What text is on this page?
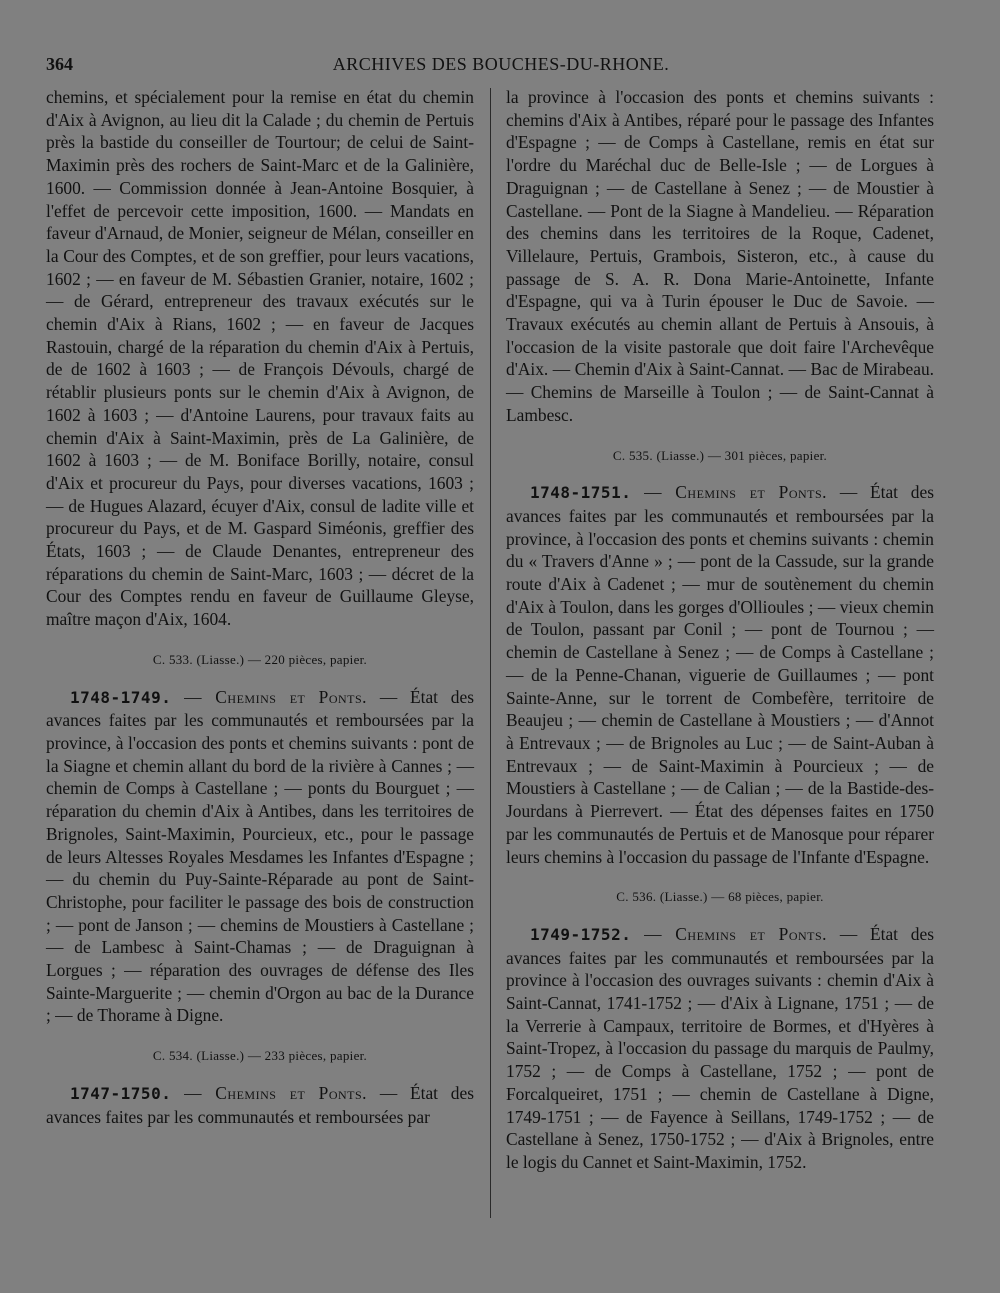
364	ARCHIVES DES BOUCHES-DU-RHONE.

chemins, et spécialement pour la remise en état du chemin d'Aix à Avignon, au lieu dit la Calade ; du chemin de Pertuis près la bastide du conseiller de Tourtour; de celui de Saint-Maximin près des rochers de Saint-Marc et de la Galinière, 1600. — Commission donnée à Jean-Antoine Bosquier, à l'effet de percevoir cette imposition, 1600. — Mandats en faveur d'Arnaud, de Monier, seigneur de Mélan, conseiller en la Cour des Comptes, et de son greffier, pour leurs vacations, 1602 ; — en faveur de M. Sébastien Granier, notaire, 1602 ; — de Gérard, entrepreneur des travaux exécutés sur le chemin d'Aix à Rians, 1602 ; — en faveur de Jacques Rastouin, chargé de la réparation du chemin d'Aix à Pertuis, de de 1602 à 1603 ; — de François Dévouls, chargé de rétablir plusieurs ponts sur le chemin d'Aix à Avignon, de 1602 à 1603 ; — d'Antoine Laurens, pour travaux faits au chemin d'Aix à Saint-Maximin, près de La Galinière, de 1602 à 1603 ; — de M. Boniface Borilly, notaire, consul d'Aix et procureur du Pays, pour diverses vacations, 1603 ; — de Hugues Alazard, écuyer d'Aix, consul de ladite ville et procureur du Pays, et de M. Gaspard Siméonis, greffier des États, 1603 ; — de Claude Denantes, entrepreneur des réparations du chemin de Saint-Marc, 1603 ; — décret de la Cour des Comptes rendu en faveur de Guillaume Gleyse, maître maçon d'Aix, 1604.

C. 533. (Liasse.) — 220 pièces, papier.

1748-1749. — Chemins et Ponts. — État des avances faites par les communautés et remboursées par la province, à l'occasion des ponts et chemins suivants : pont de la Siagne et chemin allant du bord de la rivière à Cannes ; — chemin de Comps à Castellane ; — ponts du Bourguet ; — réparation du chemin d'Aix à Antibes, dans les territoires de Brignoles, Saint-Maximin, Pourcieux, etc., pour le passage de leurs Altesses Royales Mesdames les Infantes d'Espagne ; — du chemin du Puy-Sainte-Réparade au pont de Saint-Christophe, pour faciliter le passage des bois de construction ; — pont de Janson ; — chemins de Moustiers à Castellane ; — de Lambesc à Saint-Chamas ; — de Draguignan à Lorgues ; — réparation des ouvrages de défense des Iles Sainte-Marguerite ; — chemin d'Orgon au bac de la Durance ; — de Thorame à Digne.

C. 534. (Liasse.) — 233 pièces, papier.

1747-1750. — Chemins et Ponts. — État des avances faites par les communautés et remboursées par

la province à l'occasion des ponts et chemins suivants : chemins d'Aix à Antibes, réparé pour le passage des Infantes d'Espagne ; — de Comps à Castellane, remis en état sur l'ordre du Maréchal duc de Belle-Isle ; — de Lorgues à Draguignan ; — de Castellane à Senez ; — de Moustier à Castellane. — Pont de la Siagne à Mandelieu. — Réparation des chemins dans les territoires de la Roque, Cadenet, Villelaure, Pertuis, Grambois, Sisteron, etc., à cause du passage de S. A. R. Dona Marie-Antoinette, Infante d'Espagne, qui va à Turin épouser le Duc de Savoie. — Travaux exécutés au chemin allant de Pertuis à Ansouis, à l'occasion de la visite pastorale que doit faire l'Archevêque d'Aix. — Chemin d'Aix à Saint-Cannat. — Bac de Mirabeau. — Chemins de Marseille à Toulon ; — de Saint-Cannat à Lambesc.

C. 535. (Liasse.) — 301 pièces, papier.

1748-1751. — Chemins et Ponts. — État des avances faites par les communautés et remboursées par la province, à l'occasion des ponts et chemins suivants : chemin du « Travers d'Anne » ; — pont de la Cassude, sur la grande route d'Aix à Cadenet ; — mur de soutènement du chemin d'Aix à Toulon, dans les gorges d'Ollioules ; — vieux chemin de Toulon, passant par Conil ; — pont de Tournou ; — chemin de Castellane à Senez ; — de Comps à Castellane ; — de la Penne-Chanan, viguerie de Guillaumes ; — pont Sainte-Anne, sur le torrent de Combefère, territoire de Beaujeu ; — chemin de Castellane à Moustiers ; — d'Annot à Entrevaux ; — de Brignoles au Luc ; — de Saint-Auban à Entrevaux ; — de Saint-Maximin à Pourcieux ; — de Moustiers à Castellane ; — de Calian ; — de la Bastide-des-Jourdans à Pierrevert. — État des dépenses faites en 1750 par les communautés de Pertuis et de Manosque pour réparer leurs chemins à l'occasion du passage de l'Infante d'Espagne.

C. 536. (Liasse.) — 68 pièces, papier.

1749-1752. — Chemins et Ponts. — État des avances faites par les communautés et remboursées par la province à l'occasion des ouvrages suivants : chemin d'Aix à Saint-Cannat, 1741-1752 ; — d'Aix à Lignane, 1751 ; — de la Verrerie à Campaux, territoire de Bormes, et d'Hyères à Saint-Tropez, à l'occasion du passage du marquis de Paulmy, 1752 ; — de Comps à Castellane, 1752 ; — pont de Forcalqueiret, 1751 ; — chemin de Castellane à Digne, 1749-1751 ; — de Fayence à Seillans, 1749-1752 ; — de Castellane à Senez, 1750-1752 ; — d'Aix à Brignoles, entre le logis du Cannet et Saint-Maximin, 1752.
